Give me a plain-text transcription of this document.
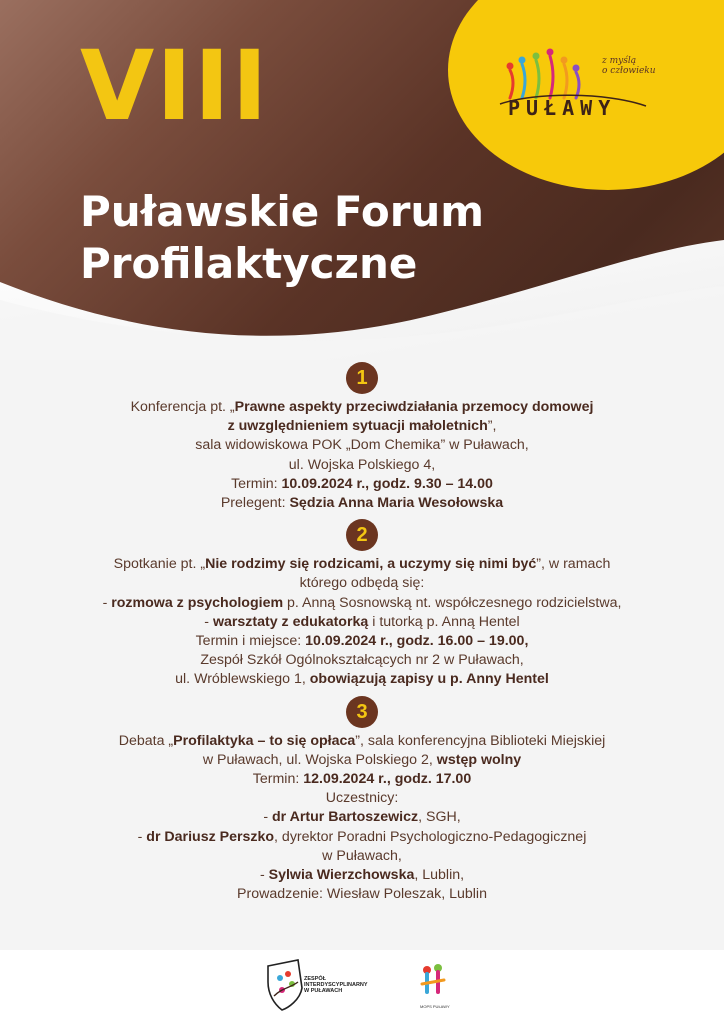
VIII
Puławskie Forum
Profilaktyczne
z myślą
o człowieku
PUŁAWY
1
Konferencja pt. „Prawne aspekty przeciwdziałania przemocy domowej
z uwzględnieniem sytuacji małoletnich”,
sala widowiskowa POK „Dom Chemika” w Puławach,
ul. Wojska Polskiego 4,
Termin: 10.09.2024 r., godz. 9.30 – 14.00
Prelegent: Sędzia Anna Maria Wesołowska
2
Spotkanie pt. „Nie rodzimy się rodzicami, a uczymy się nimi być”, w ramach
którego odbędą się:
- rozmowa z psychologiem p. Anną Sosnowską nt. współczesnego rodzicielstwa,
- warsztaty z edukatorką i tutorką p. Anną Hentel
Termin i miejsce: 10.09.2024 r., godz. 16.00 – 19.00,
Zespół Szkół Ogólnokształcących nr 2 w Puławach,
ul. Wróblewskiego 1, obowiązują zapisy u p. Anny Hentel
3
Debata „Profilaktyka – to się opłaca”, sala konferencyjna Biblioteki Miejskiej
w Puławach, ul. Wojska Polskiego 2, wstęp wolny
Termin: 12.09.2024 r., godz. 17.00
Uczestnicy:
- dr Artur Bartoszewicz, SGH,
- dr Dariusz Perszko, dyrektor Poradni Psychologiczno-Pedagogicznej
w Puławach,
- Sylwia Wierzchowska, Lublin,
Prowadzenie: Wiesław Poleszak, Lublin
ZESPÓŁ INTERDYSCYPLINARNY W PUŁAWACH
MOPS PUŁAWY
